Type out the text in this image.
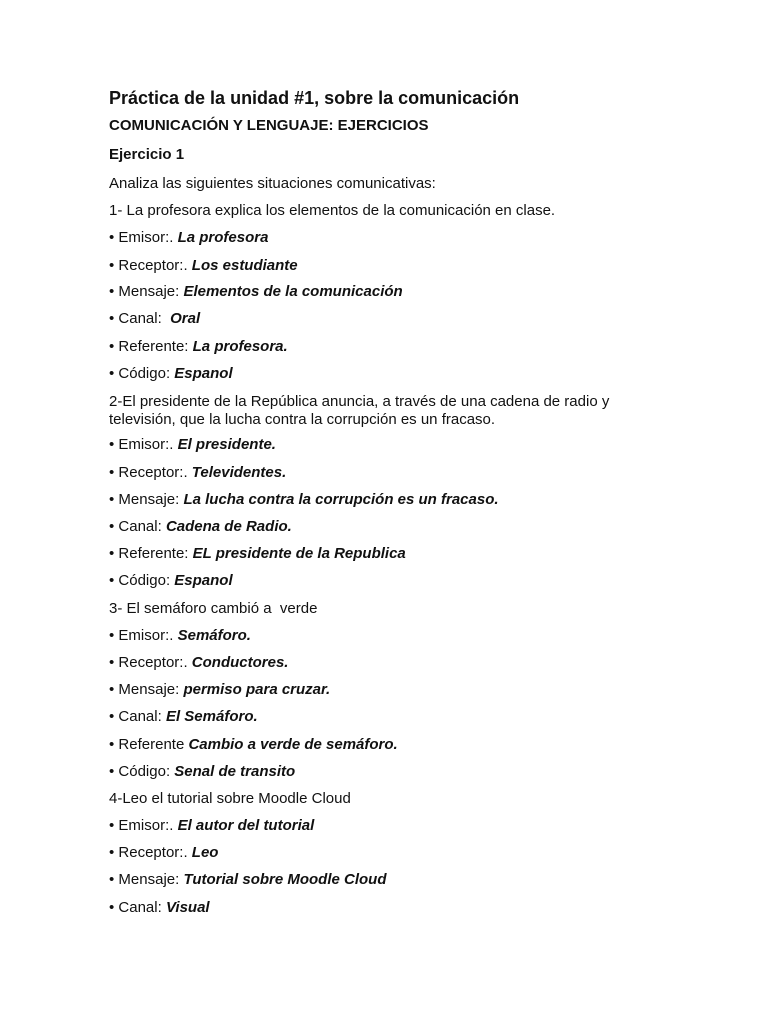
Práctica de la unidad #1, sobre la comunicación
COMUNICACIÓN Y LENGUAJE: EJERCICIOS
Ejercicio 1
Analiza las siguientes situaciones comunicativas:
1- La profesora explica los elementos de la comunicación en clase.
• Emisor:. La profesora
• Receptor:. Los estudiante
• Mensaje: Elementos de la comunicación
• Canal:  Oral
• Referente: La profesora.
• Código: Espanol
2-El presidente de la República anuncia, a través de una cadena de radio y televisión, que la lucha contra la corrupción es un fracaso.
• Emisor:. El presidente.
• Receptor:. Televidentes.
• Mensaje: La lucha contra la corrupción es un fracaso.
• Canal: Cadena de Radio.
• Referente: EL presidente de la Republica
• Código: Espanol
3- El semáforo cambió a  verde
• Emisor:. Semáforo.
• Receptor:. Conductores.
• Mensaje: permiso para cruzar.
• Canal: El Semáforo.
• Referente Cambio a verde de semáforo.
• Código: Senal de transito
4-Leo el tutorial sobre Moodle Cloud
• Emisor:. El autor del tutorial
• Receptor:. Leo
• Mensaje: Tutorial sobre Moodle Cloud
• Canal: Visual
